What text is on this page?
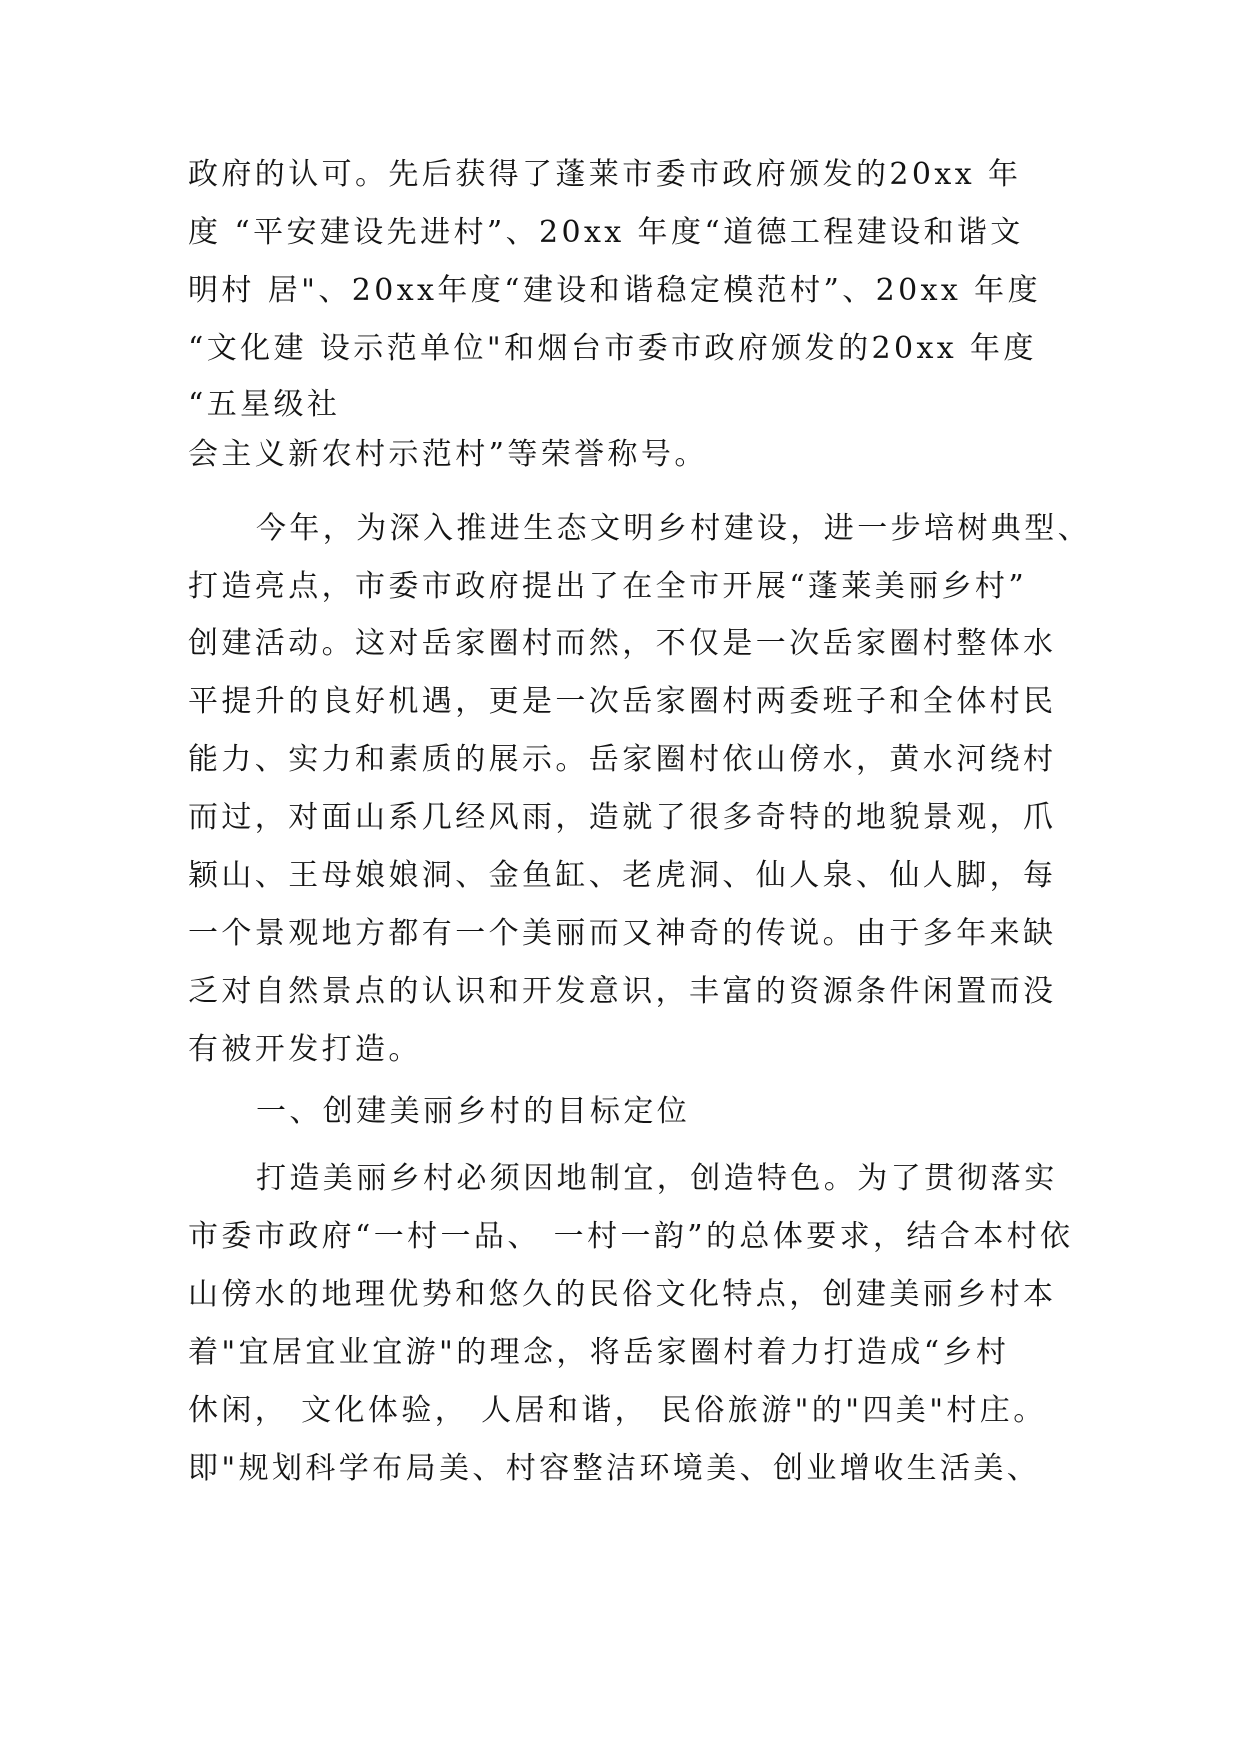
政府的认可。先后获得了蓬莱市委市政府颁发的20xx 年

度 “平安建设先进村”、20xx 年度“道德工程建设和谐文

明村 居"、20xx年度“建设和谐稳定模范村”、20xx 年度

“文化建 设示范单位"和烟台市委市政府颁发的20xx 年度

“五星级社

会主义新农村示范村”等荣誉称号。

今年，为深入推进生态文明乡村建设，进一步培树典型、

打造亮点，市委市政府提出了在全市开展“蓬莱美丽乡村”

创建活动。这对岳家圈村而然，不仅是一次岳家圈村整体水

平提升的良好机遇，更是一次岳家圈村两委班子和全体村民

能力、实力和素质的展示。岳家圈村依山傍水，黄水河绕村

而过，对面山系几经风雨，造就了很多奇特的地貌景观，爪

颖山、王母娘娘洞、金鱼缸、老虎洞、仙人泉、仙人脚，每

一个景观地方都有一个美丽而又神奇的传说。由于多年来缺

乏对自然景点的认识和开发意识，丰富的资源条件闲置而没

有被开发打造。

一、创建美丽乡村的目标定位

打造美丽乡村必须因地制宜，创造特色。为了贯彻落实

市委市政府“一村一品、 一村一韵”的总体要求，结合本村依

山傍水的地理优势和悠久的民俗文化特点，创建美丽乡村本

着"宜居宜业宜游"的理念，将岳家圈村着力打造成“乡村

休闲， 文化体验， 人居和谐， 民俗旅游"的"四美"村庄。

即"规划科学布局美、村容整洁环境美、创业增收生活美、
